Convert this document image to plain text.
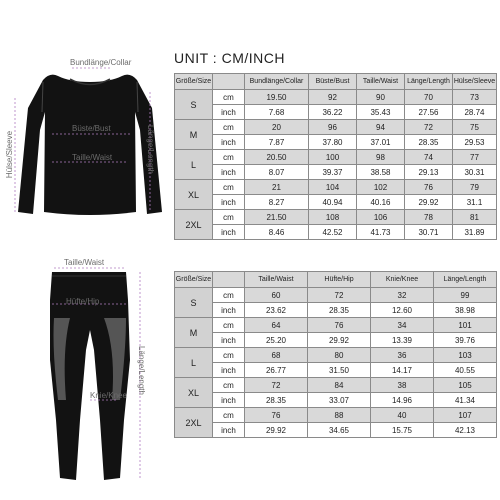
Bundlänge/Collar
Büste/Bust
Taille/Waist
Hülse/Sleeve	Länge/Length
Taille/Waist
Hüfte/Hip
Knie/Knee
Länge/Length
UNIT : CM/INCH
Größe/Size		Bundlänge/Collar	Büste/Bust	Taille/Waist	Länge/Length	Hülse/Sleeve
S	cm	19.50	92	90	70	73
	inch	7.68	36.22	35.43	27.56	28.74
M	cm	20	96	94	72	75
	inch	7.87	37.80	37.01	28.35	29.53
L	cm	20.50	100	98	74	77
	inch	8.07	39.37	38.58	29.13	30.31
XL	cm	21	104	102	76	79
	inch	8.27	40.94	40.16	29.92	31.1
2XL	cm	21.50	108	106	78	81
	inch	8.46	42.52	41.73	30.71	31.89
Größe/Size		Taille/Waist	Hüfte/Hip	Knie/Knee	Länge/Length
S	cm	60	72	32	99
	inch	23.62	28.35	12.60	38.98
M	cm	64	76	34	101
	inch	25.20	29.92	13.39	39.76
L	cm	68	80	36	103
	inch	26.77	31.50	14.17	40.55
XL	cm	72	84	38	105
	inch	28.35	33.07	14.96	41.34
2XL	cm	76	88	40	107
	inch	29.92	34.65	15.75	42.13
